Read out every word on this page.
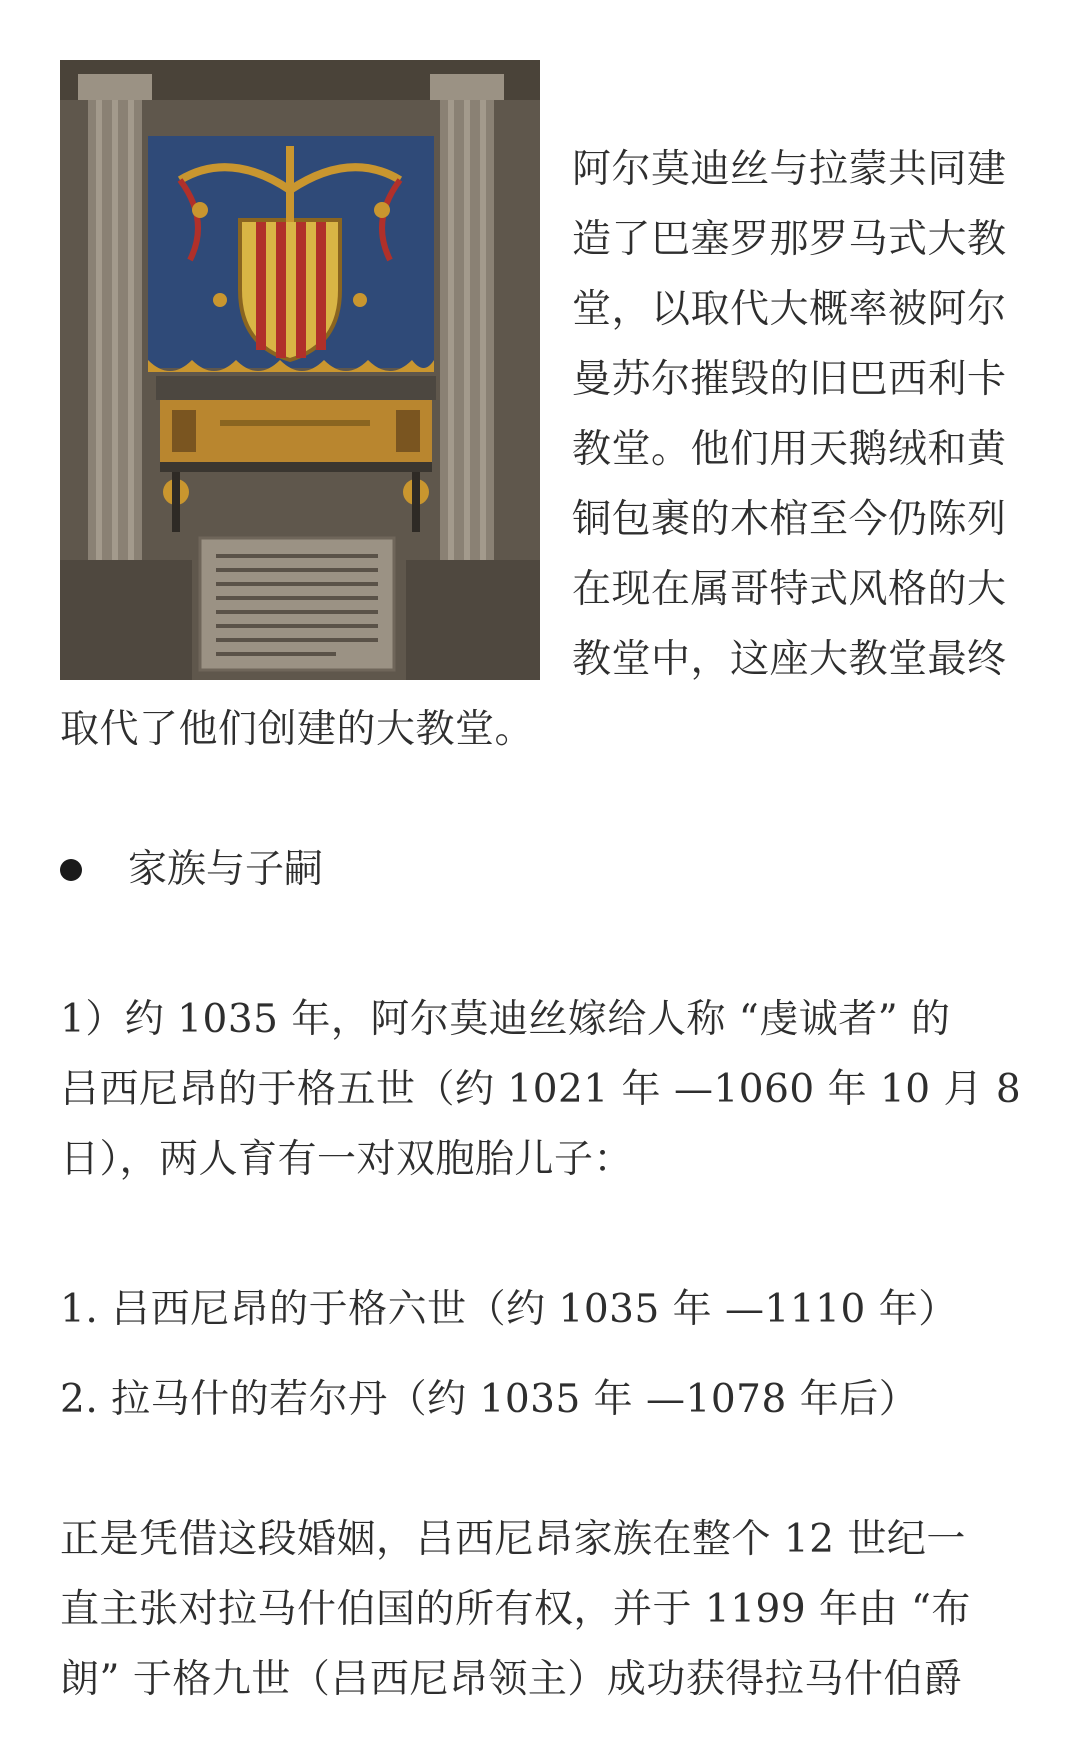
阿尔莫迪丝与拉蒙共同建
造了巴塞罗那罗马式大教
堂，以取代大概率被阿尔
曼苏尔摧毁的旧巴西利卡
教堂。他们用天鹅绒和黄
铜包裹的木棺至今仍陈列
在现在属哥特式风格的大
教堂中，这座大教堂最终
取代了他们创建的大教堂。
家族与子嗣
1）约 1035 年，阿尔莫迪丝嫁给人称 “虔诚者” 的
吕西尼昂的于格五世（约 1021 年 —1060 年 10 月 8
日），两人育有一对双胞胎儿子：
1. 吕西尼昂的于格六世（约 1035 年 —1110 年）
2. 拉马什的若尔丹（约 1035 年 —1078 年后）
正是凭借这段婚姻，吕西尼昂家族在整个 12 世纪一
直主张对拉马什伯国的所有权，并于 1199 年由 “布
朗” 于格九世（吕西尼昂领主）成功获得拉马什伯爵
